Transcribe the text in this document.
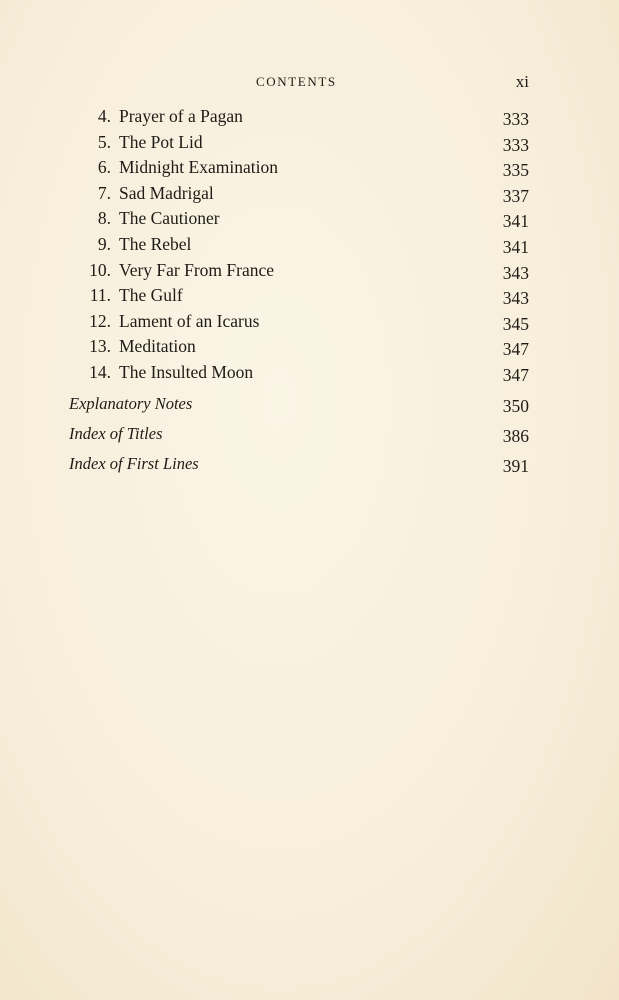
CONTENTS	xi
4. Prayer of a Pagan	333
5. The Pot Lid	333
6. Midnight Examination	335
7. Sad Madrigal	337
8. The Cautioner	341
9. The Rebel	341
10. Very Far From France	343
11. The Gulf	343
12. Lament of an Icarus	345
13. Meditation	347
14. The Insulted Moon	347
Explanatory Notes	350
Index of Titles	386
Index of First Lines	391
